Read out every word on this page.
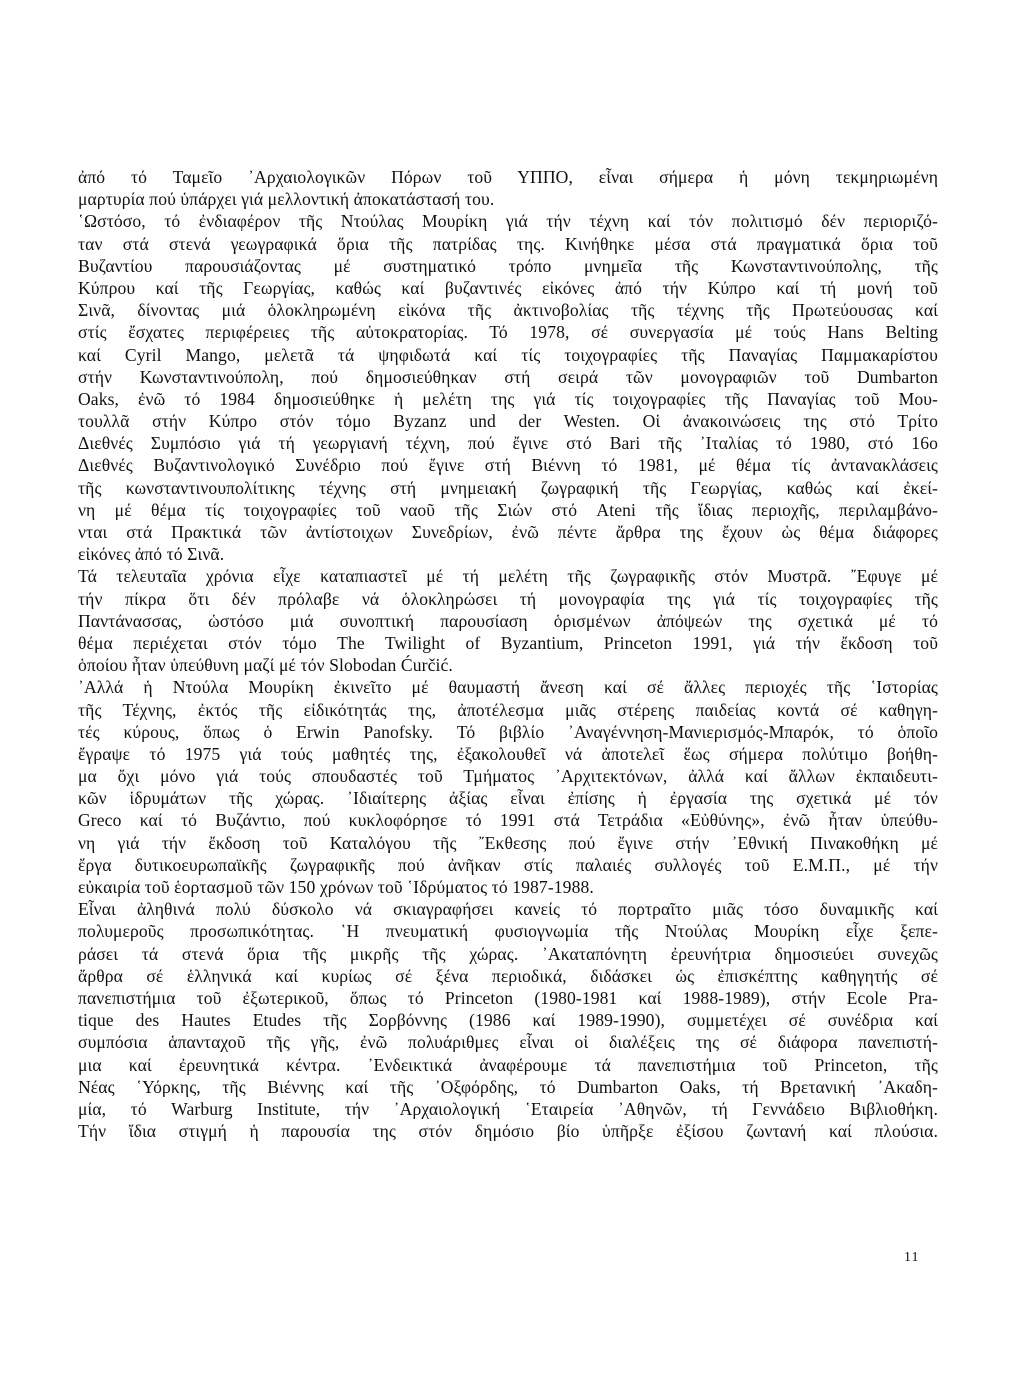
ἀπό τό Ταμεῖο ᾿Αρχαιολογικῶν Πόρων τοῦ ΥΠΠΟ, εἶναι σήμερα ἡ μόνη τεκμηριωμένη
μαρτυρία πού ὑπάρχει γιά μελλοντική ἀποκατάστασή του.
῾Ωστόσο, τό ἐνδιαφέρον τῆς Ντούλας Μουρίκη γιά τήν τέχνη καί τόν πολιτισμό δέν περιοριζό-
ταν στά στενά γεωγραφικά ὅρια τῆς πατρίδας της. Κινήθηκε μέσα στά πραγματικά ὅρια τοῦ
Βυζαντίου παρουσιάζοντας μέ συστηματικό τρόπο μνημεῖα τῆς Κωνσταντινούπολης, τῆς
Κύπρου καί τῆς Γεωργίας, καθώς καί βυζαντινές εἰκόνες ἀπό τήν Κύπρο καί τή μονή τοῦ
Σινᾶ, δίνοντας μιά ὁλοκληρωμένη εἰκόνα τῆς ἀκτινοβολίας τῆς τέχνης τῆς Πρωτεύουσας καί
στίς ἔσχατες περιφέρειες τῆς αὐτοκρατορίας. Τό 1978, σέ συνεργασία μέ τούς Hans Belting
καί Cyril Mango, μελετᾶ τά ψηφιδωτά καί τίς τοιχογραφίες τῆς Παναγίας Παμμακαρίστου
στήν Κωνσταντινούπολη, πού δημοσιεύθηκαν στή σειρά τῶν μονογραφιῶν τοῦ Dumbarton
Oaks, ἐνῶ τό 1984 δημοσιεύθηκε ἡ μελέτη της γιά τίς τοιχογραφίες τῆς Παναγίας τοῦ Μου-
τουλλᾶ στήν Κύπρο στόν τόμο Byzanz und der Westen. Οἱ ἀνακοινώσεις της στό Τρίτο
Διεθνές Συμπόσιο γιά τή γεωργιανή τέχνη, πού ἔγινε στό Bari τῆς ᾿Ιταλίας τό 1980, στό 16ο
Διεθνές Βυζαντινολογικό Συνέδριο πού ἔγινε στή Βιέννη τό 1981, μέ θέμα τίς ἀντανακλάσεις
τῆς κωνσταντινουπολίτικης τέχνης στή μνημειακή ζωγραφική τῆς Γεωργίας, καθώς καί ἐκεί-
νη μέ θέμα τίς τοιχογραφίες τοῦ ναοῦ τῆς Σιών στό Ateni τῆς ἴδιας περιοχῆς, περιλαμβάνο-
νται στά Πρακτικά τῶν ἀντίστοιχων Συνεδρίων, ἐνῶ πέντε ἄρθρα της ἔχουν ὡς θέμα διάφορες
εἰκόνες ἀπό τό Σινᾶ.
Τά τελευταῖα χρόνια εἶχε καταπιαστεῖ μέ τή μελέτη τῆς ζωγραφικῆς στόν Μυστρᾶ. ῎Εφυγε μέ
τήν πίκρα ὅτι δέν πρόλαβε νά ὁλοκληρώσει τή μονογραφία της γιά τίς τοιχογραφίες τῆς
Παντάνασσας, ὡστόσο μιά συνοπτική παρουσίαση ὁρισμένων ἀπόψεών της σχετικά μέ τό
θέμα περιέχεται στόν τόμο The Twilight of Byzantium, Princeton 1991, γιά τήν ἔκδοση τοῦ
ὁποίου ἦταν ὑπεύθυνη μαζί μέ τόν Slobodan Ćurčić.
᾿Αλλά ἡ Ντούλα Μουρίκη ἐκινεῖτο μέ θαυμαστή ἄνεση καί σέ ἄλλες περιοχές τῆς ῾Ιστορίας
τῆς Τέχνης, ἐκτός τῆς εἰδικότητάς της, ἀποτέλεσμα μιᾶς στέρεης παιδείας κοντά σέ καθηγη-
τές κύρους, ὅπως ὁ Erwin Panofsky. Τό βιβλίο ᾿Αναγέννηση-Μανιερισμός-Μπαρόκ, τό ὁποῖο
ἔγραψε τό 1975 γιά τούς μαθητές της, ἐξακολουθεῖ νά ἀποτελεῖ ἕως σήμερα πολύτιμο βοήθη-
μα ὄχι μόνο γιά τούς σπουδαστές τοῦ Τμήματος ᾿Αρχιτεκτόνων, ἀλλά καί ἄλλων ἐκπαιδευτι-
κῶν ἱδρυμάτων τῆς χώρας. ᾿Ιδιαίτερης ἀξίας εἶναι ἐπίσης ἡ ἐργασία της σχετικά μέ τόν
Greco καί τό Βυζάντιο, πού κυκλοφόρησε τό 1991 στά Τετράδια «Εὐθύνης», ἐνῶ ἦταν ὑπεύθυ-
νη γιά τήν ἔκδοση τοῦ Καταλόγου τῆς ῎Εκθεσης πού ἔγινε στήν ᾿Εθνική Πινακοθήκη μέ
ἔργα δυτικοευρωπαϊκῆς ζωγραφικῆς πού ἀνῆκαν στίς παλαιές συλλογές τοῦ Ε.Μ.Π., μέ τήν
εὐκαιρία τοῦ ἑορτασμοῦ τῶν 150 χρόνων τοῦ ῾Ιδρύματος τό 1987-1988.
Εἶναι ἀληθινά πολύ δύσκολο νά σκιαγραφήσει κανείς τό πορτραῖτο μιᾶς τόσο δυναμικῆς καί
πολυμεροῦς προσωπικότητας. ῾Η πνευματική φυσιογνωμία τῆς Ντούλας Μουρίκη εἶχε ξεπε-
ράσει τά στενά ὅρια τῆς μικρῆς τῆς χώρας. ᾿Ακαταπόνητη ἐρευνήτρια δημοσιεύει συνεχῶς
ἄρθρα σέ ἑλληνικά καί κυρίως σέ ξένα περιοδικά, διδάσκει ὡς ἐπισκέπτης καθηγητής σέ
πανεπιστήμια τοῦ ἐξωτερικοῦ, ὅπως τό Princeton (1980-1981 καί 1988-1989), στήν Ecole Pra-
tique des Hautes Etudes τῆς Σορβόννης (1986 καί 1989-1990), συμμετέχει σέ συνέδρια καί
συμπόσια ἁπανταχοῦ τῆς γῆς, ἐνῶ πολυάριθμες εἶναι οἱ διαλέξεις της σέ διάφορα πανεπιστή-
μια καί ἐρευνητικά κέντρα. ᾿Ενδεικτικά ἀναφέρουμε τά πανεπιστήμια τοῦ Princeton, τῆς
Νέας ῾Υόρκης, τῆς Βιέννης καί τῆς ᾿Οξφόρδης, τό Dumbarton Oaks, τή Βρετανική ᾿Ακαδη-
μία, τό Warburg Institute, τήν ᾿Αρχαιολογική ῾Εταιρεία ᾿Αθηνῶν, τή Γεννάδειο Βιβλιοθήκη.
Τήν ἴδια στιγμή ἡ παρουσία της στόν δημόσιο βίο ὑπῆρξε ἐξίσου ζωντανή καί πλούσια.
11
